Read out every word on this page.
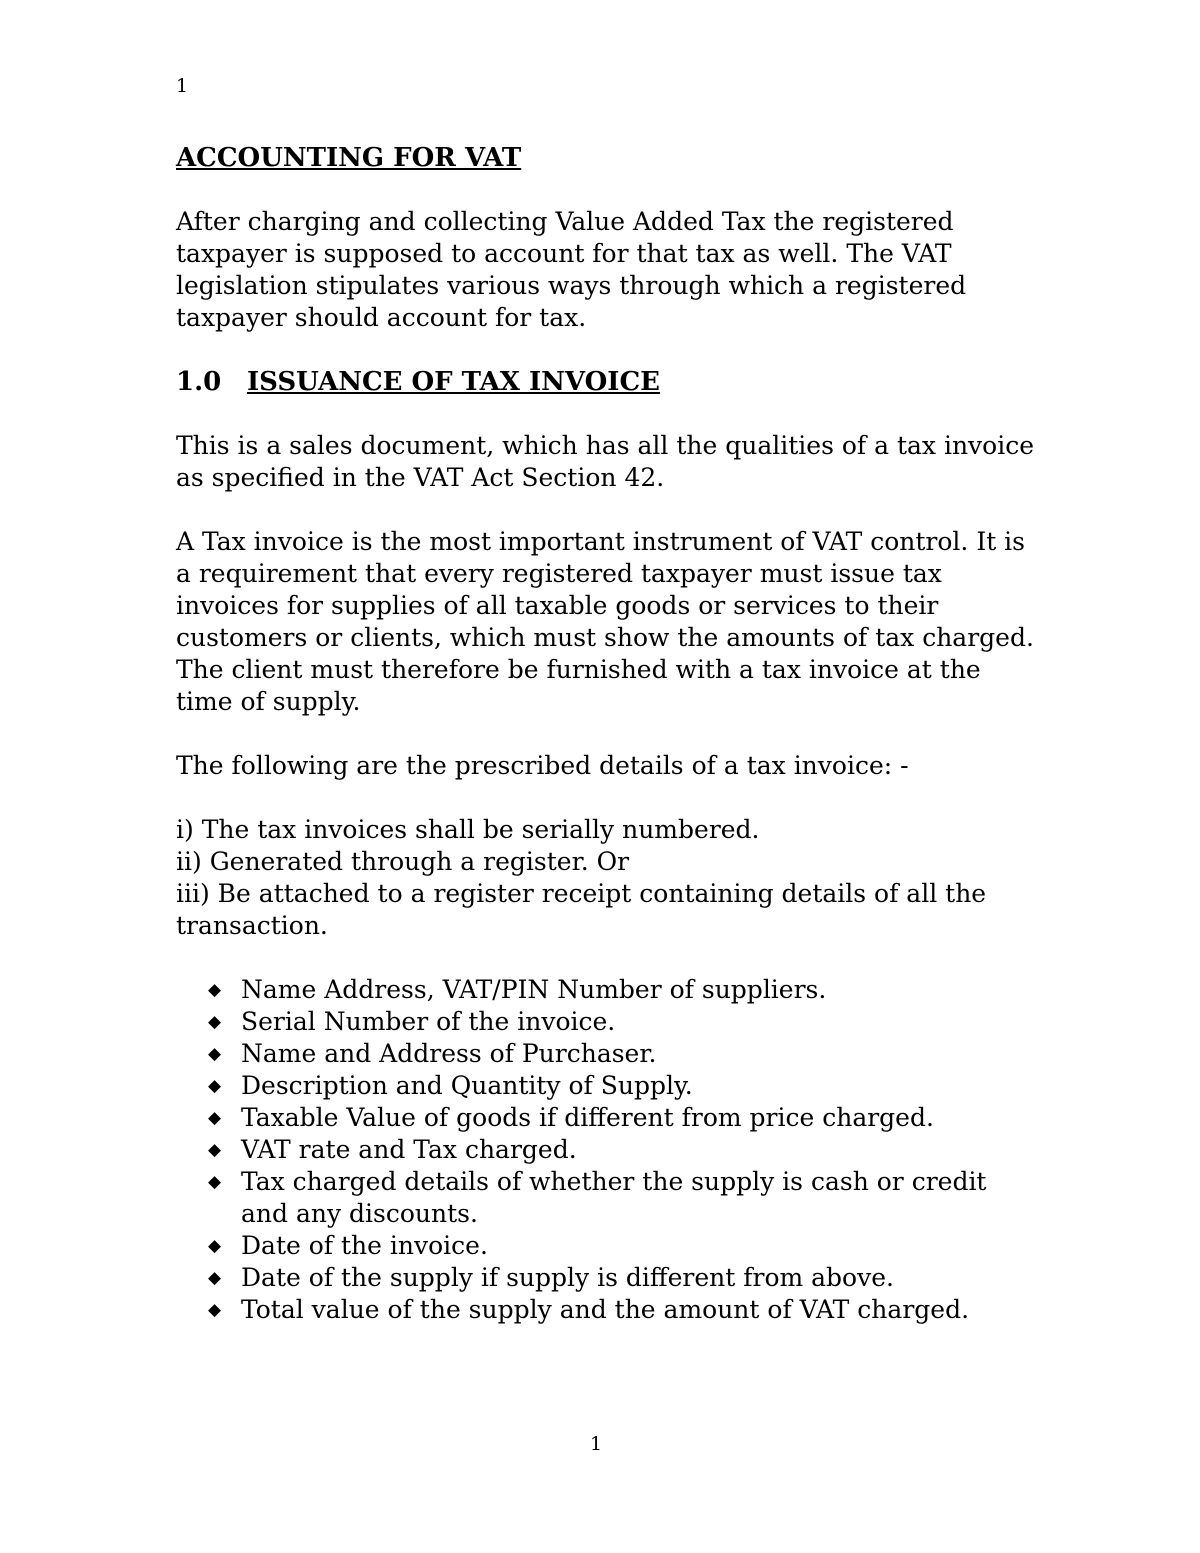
1

ACCOUNTING FOR VAT

After charging and collecting Value Added Tax the registered taxpayer is supposed to account for that tax as well. The VAT legislation stipulates various ways through which a registered taxpayer should account for tax.

1.0 ISSUANCE OF TAX INVOICE

This is a sales document, which has all the qualities of a tax invoice as specified in the VAT Act Section 42.

A Tax invoice is the most important instrument of VAT control. It is a requirement that every registered taxpayer must issue tax invoices for supplies of all taxable goods or services to their customers or clients, which must show the amounts of tax charged. The client must therefore be furnished with a tax invoice at the time of supply.

The following are the prescribed details of a tax invoice: -

i) The tax invoices shall be serially numbered.
ii) Generated through a register. Or
iii) Be attached to a register receipt containing details of all the transaction.
◆ Name Address, VAT/PIN Number of suppliers.
◆ Serial Number of the invoice.
◆ Name and Address of Purchaser.
◆ Description and Quantity of Supply.
◆ Taxable Value of goods if different from price charged.
◆ VAT rate and Tax charged.
◆ Tax charged details of whether the supply is cash or credit and any discounts.
◆ Date of the invoice.
◆ Date of the supply if supply is different from above.
◆ Total value of the supply and the amount of VAT charged.
1
